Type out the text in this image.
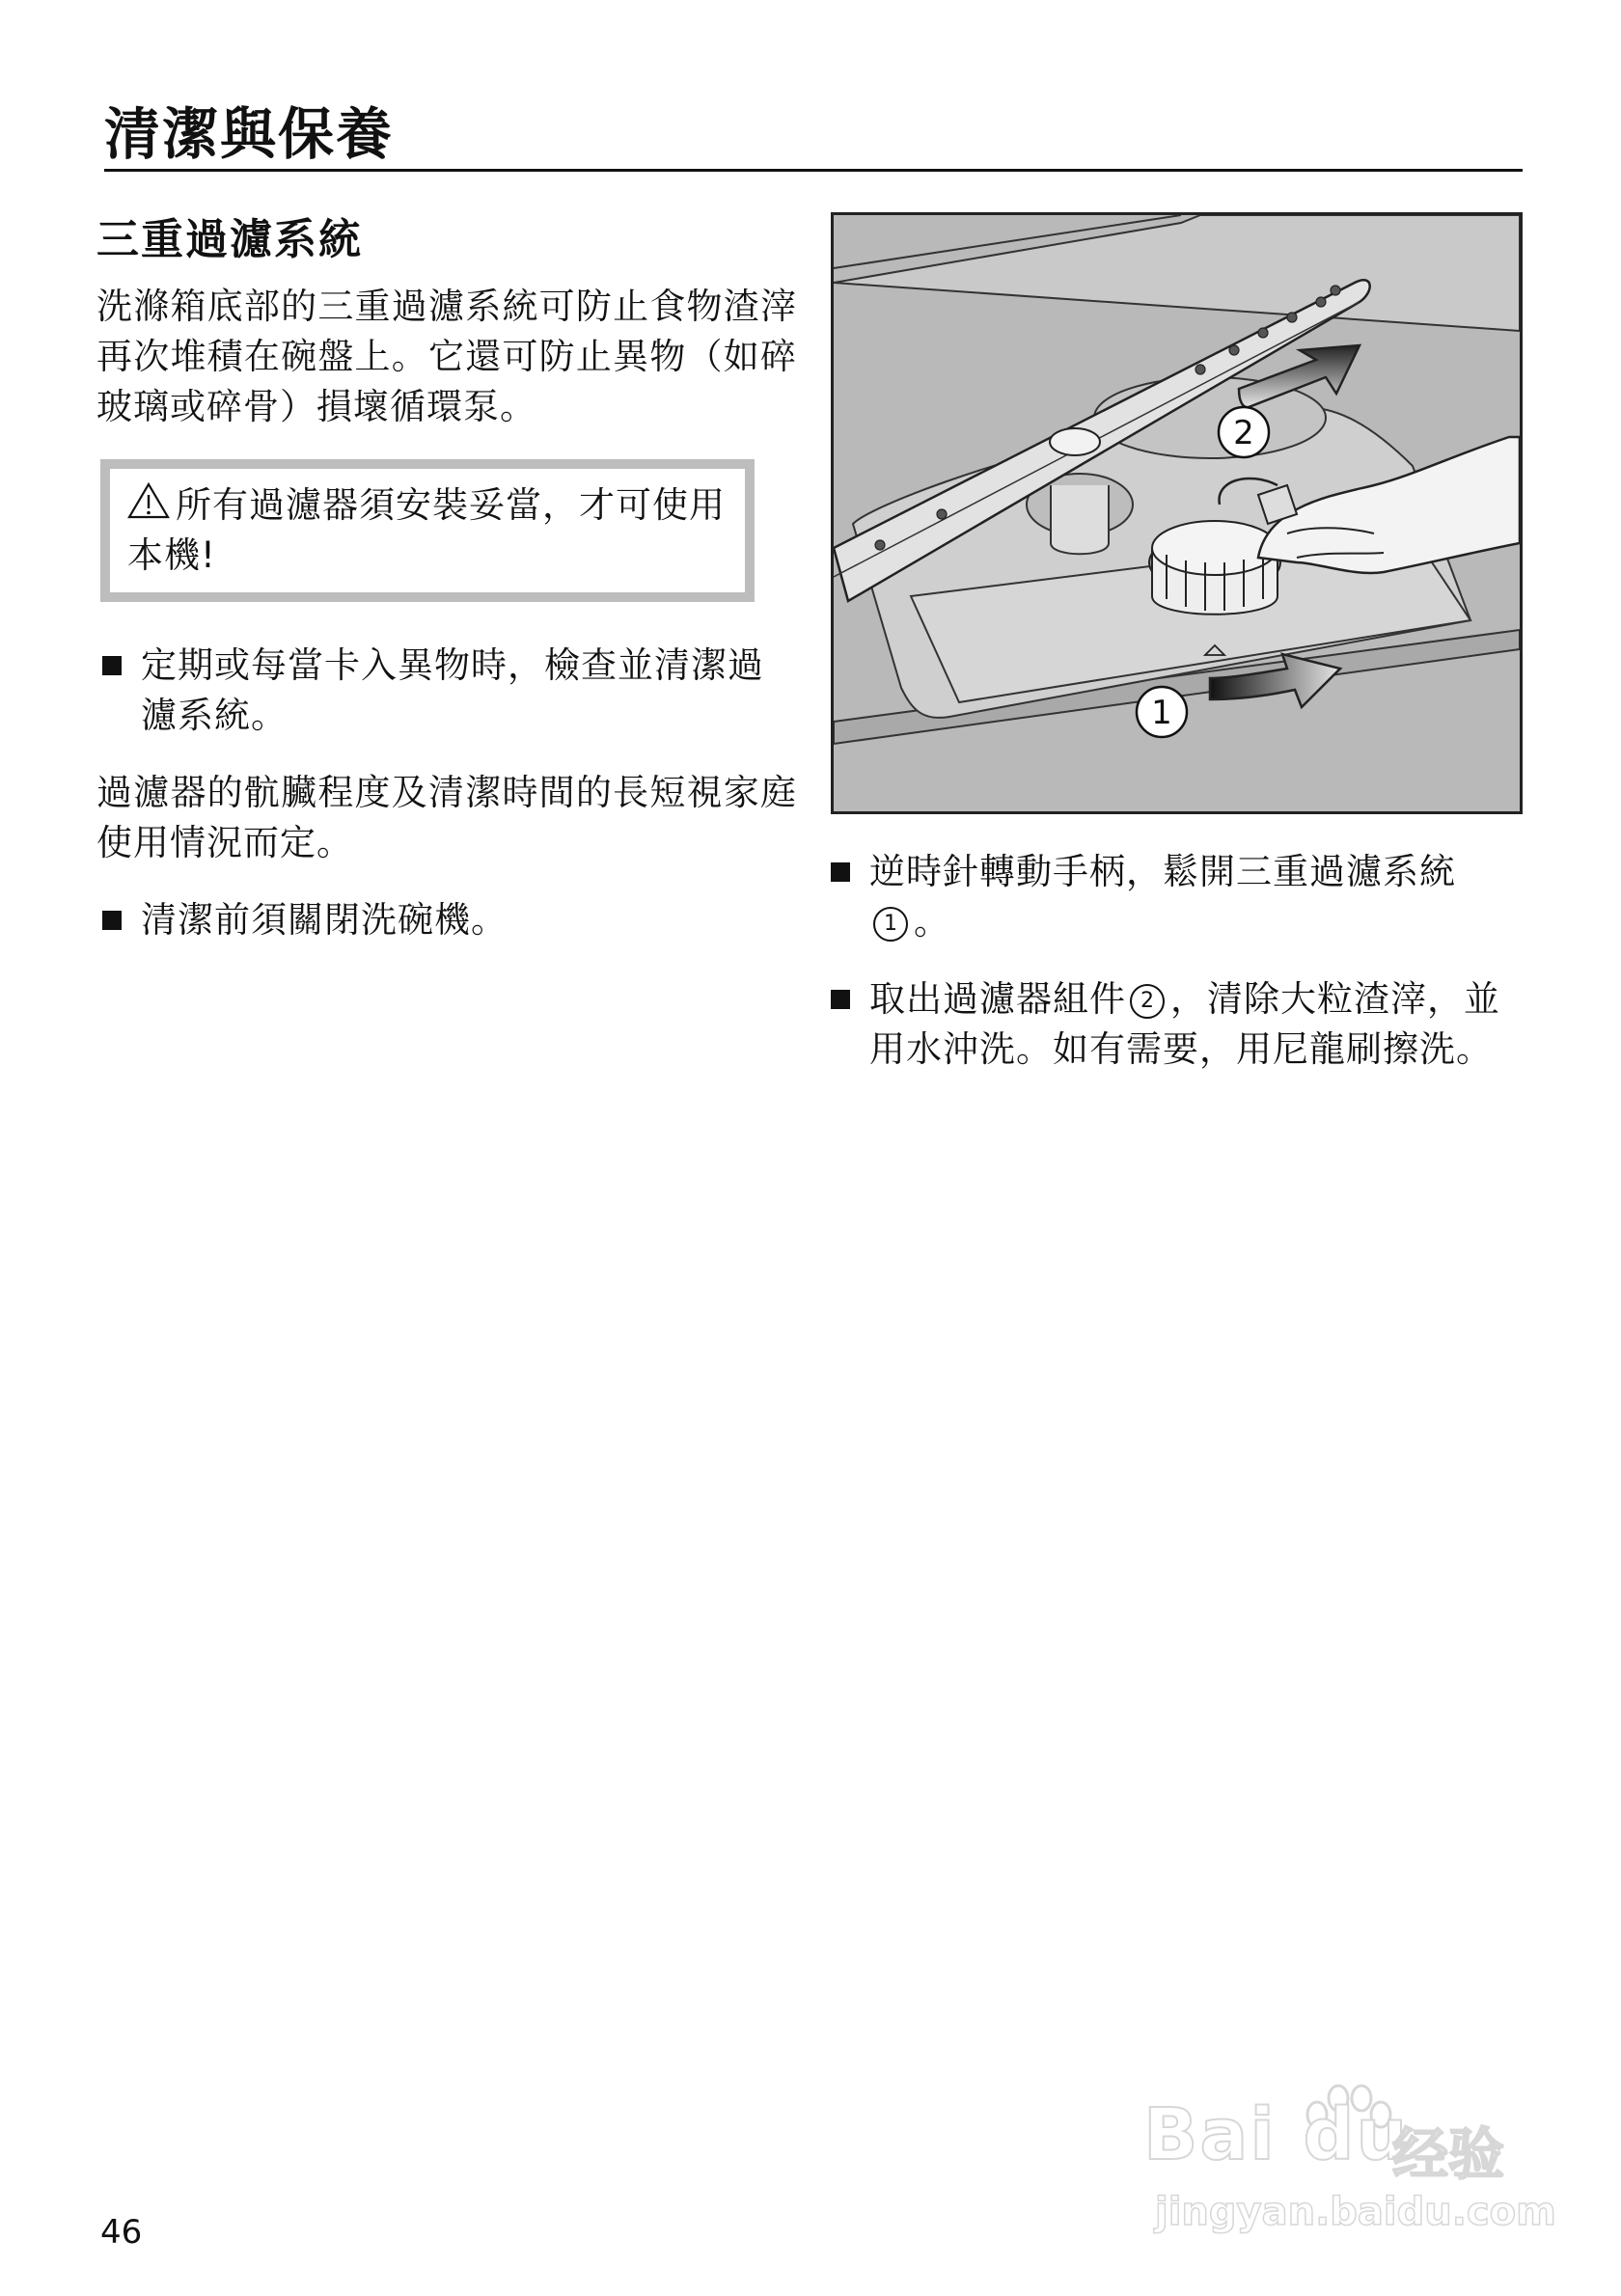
清潔與保養
三重過濾系統

洗滌箱底部的三重過濾系統可防止食物渣滓再次堆積在碗盤上。它還可防止異物（如碎玻璃或碎骨）損壞循環泵。

所有過濾器須安裝妥當，才可使用本機!

定期或每當卡入異物時，檢查並清潔過濾系統。

過濾器的骯臟程度及清潔時間的長短視家庭使用情況而定。

清潔前須關閉洗碗機。
2
1
逆時針轉動手柄，鬆開三重過濾系統
1 。
取出過濾器組件 2 ，清除大粒渣滓，並用水沖洗。如有需要，用尼龍刷擦洗。
46
Bai du
经验
jingyan.baidu.com
